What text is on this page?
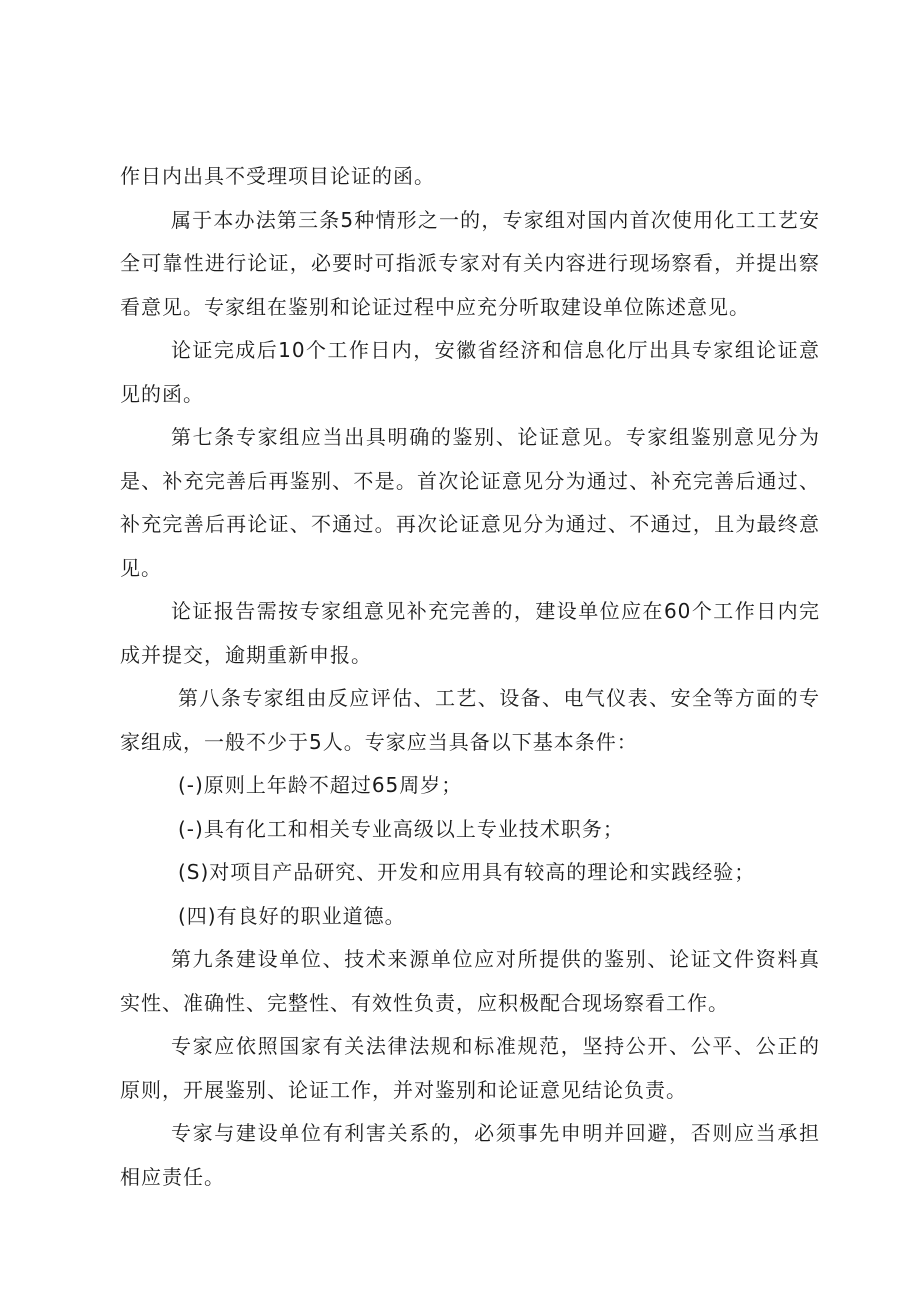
作日内出具不受理项目论证的函。

属于本办法第三条5种情形之一的，专家组对国内首次使用化工工艺安全可靠性进行论证，必要时可指派专家对有关内容进行现场察看，并提出察看意见。专家组在鉴别和论证过程中应充分听取建设单位陈述意见。

论证完成后10个工作日内，安徽省经济和信息化厅出具专家组论证意见的函。

第七条专家组应当出具明确的鉴别、论证意见。专家组鉴别意见分为是、补充完善后再鉴别、不是。首次论证意见分为通过、补充完善后通过、补充完善后再论证、不通过。再次论证意见分为通过、不通过，且为最终意见。

论证报告需按专家组意见补充完善的，建设单位应在60个工作日内完成并提交，逾期重新申报。

第八条专家组由反应评估、工艺、设备、电气仪表、安全等方面的专家组成，一般不少于5人。专家应当具备以下基本条件：

(-)原则上年龄不超过65周岁；

(-)具有化工和相关专业高级以上专业技术职务；

(S)对项目产品研究、开发和应用具有较高的理论和实践经验；

(四)有良好的职业道德。

第九条建设单位、技术来源单位应对所提供的鉴别、论证文件资料真实性、准确性、完整性、有效性负责，应积极配合现场察看工作。

专家应依照国家有关法律法规和标准规范，坚持公开、公平、公正的原则，开展鉴别、论证工作，并对鉴别和论证意见结论负责。

专家与建设单位有利害关系的，必须事先申明并回避，否则应当承担相应责任。
